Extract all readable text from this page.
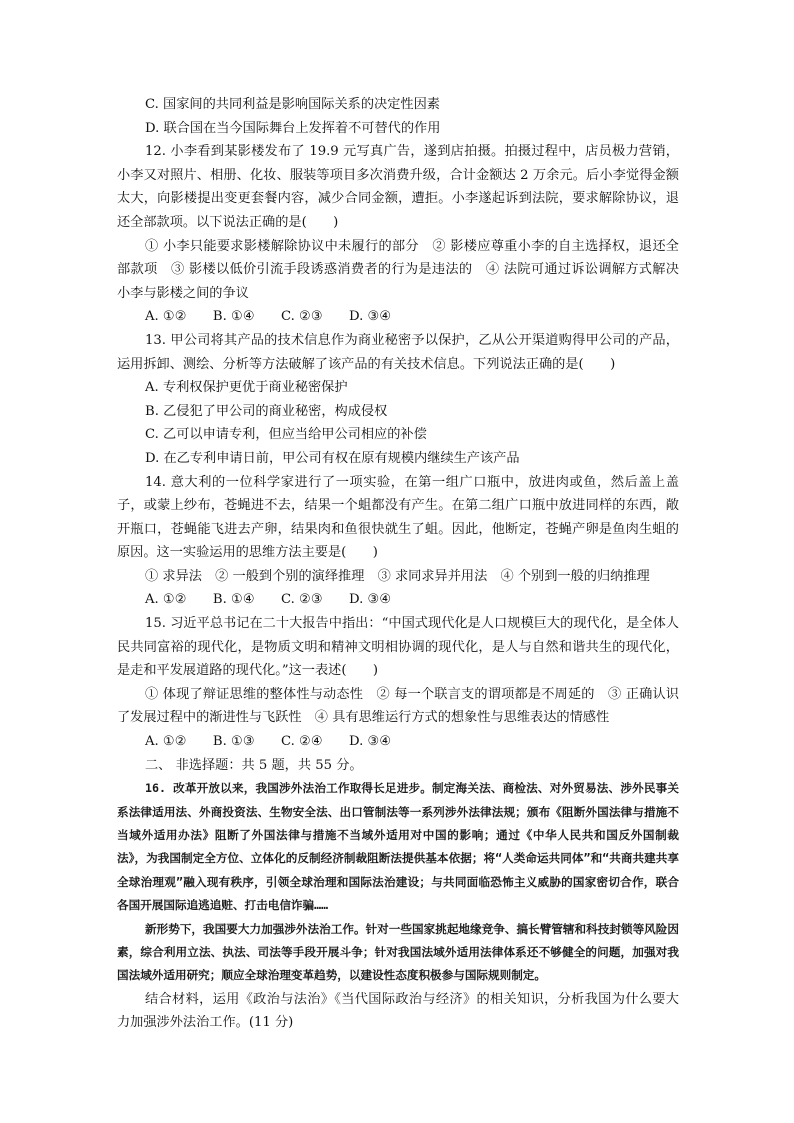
C. 国家间的共同利益是影响国际关系的决定性因素

D. 联合国在当今国际舞台上发挥着不可替代的作用

12. 小李看到某影楼发布了 19.9 元写真广告，遂到店拍摄。拍摄过程中，店员极力营销，小李又对照片、相册、化妆、服装等项目多次消费升级，合计金额达 2 万余元。后小李觉得金额太大，向影楼提出变更套餐内容，减少合同金额，遭拒。小李遂起诉到法院，要求解除协议，退还全部款项。以下说法正确的是(　　)

① 小李只能要求影楼解除协议中未履行的部分　② 影楼应尊重小李的自主选择权，退还全部款项　③ 影楼以低价引流手段诱惑消费者的行为是违法的　④ 法院可通过诉讼调解方式解决小李与影楼之间的争议

A. ①②　　B. ①④　　C. ②③　　D. ③④

13. 甲公司将其产品的技术信息作为商业秘密予以保护，乙从公开渠道购得甲公司的产品，运用拆卸、测绘、分析等方法破解了该产品的有关技术信息。下列说法正确的是(　　)

A. 专利权保护更优于商业秘密保护

B. 乙侵犯了甲公司的商业秘密，构成侵权

C. 乙可以申请专利，但应当给甲公司相应的补偿

D. 在乙专利申请日前，甲公司有权在原有规模内继续生产该产品

14. 意大利的一位科学家进行了一项实验，在第一组广口瓶中，放进肉或鱼，然后盖上盖子，或蒙上纱布，苍蝇进不去，结果一个蛆都没有产生。在第二组广口瓶中放进同样的东西，敞开瓶口，苍蝇能飞进去产卵，结果肉和鱼很快就生了蛆。因此，他断定，苍蝇产卵是鱼肉生蛆的原因。这一实验运用的思维方法主要是(　　)

① 求异法　② 一般到个别的演绎推理　③ 求同求异并用法　④ 个别到一般的归纳推理

A. ①②　　B. ①④　　C. ②③　　D. ③④

15. 习近平总书记在二十大报告中指出：“中国式现代化是人口规模巨大的现代化，是全体人民共同富裕的现代化，是物质文明和精神文明相协调的现代化，是人与自然和谐共生的现代化，是走和平发展道路的现代化。”这一表述(　　)

① 体现了辩证思维的整体性与动态性　② 每一个联言支的谓项都是不周延的　③ 正确认识了发展过程中的渐进性与飞跃性　④ 具有思维运行方式的想象性与思维表达的情感性

A. ①②　　B. ①③　　C. ②④　　D. ③④

二、 非选择题：共 5 题，共 55 分。

16. 改革开放以来，我国涉外法治工作取得长足进步。制定海关法、商检法、对外贸易法、涉外民事关系法律适用法、外商投资法、生物安全法、出口管制法等一系列涉外法律法规；颁布《阻断外国法律与措施不当域外适用办法》阻断了外国法律与措施不当域外适用对中国的影响；通过《中华人民共和国反外国制裁法》，为我国制定全方位、立体化的反制经济制裁阻断法提供基本依据；将“人类命运共同体”和“共商共建共享全球治理观”融入现有秩序，引领全球治理和国际法治建设；与共同面临恐怖主义威胁的国家密切合作，联合各国开展国际追逃追赃、打击电信诈骗……

新形势下，我国要大力加强涉外法治工作。针对一些国家挑起地缘竞争、搞长臂管辖和科技封锁等风险因素，综合利用立法、执法、司法等手段开展斗争；针对我国法域外适用法律体系还不够健全的问题，加强对我国法域外适用研究；顺应全球治理变革趋势，以建设性态度积极参与国际规则制定。

结合材料，运用《政治与法治》《当代国际政治与经济》的相关知识，分析我国为什么要大力加强涉外法治工作。(11 分)
